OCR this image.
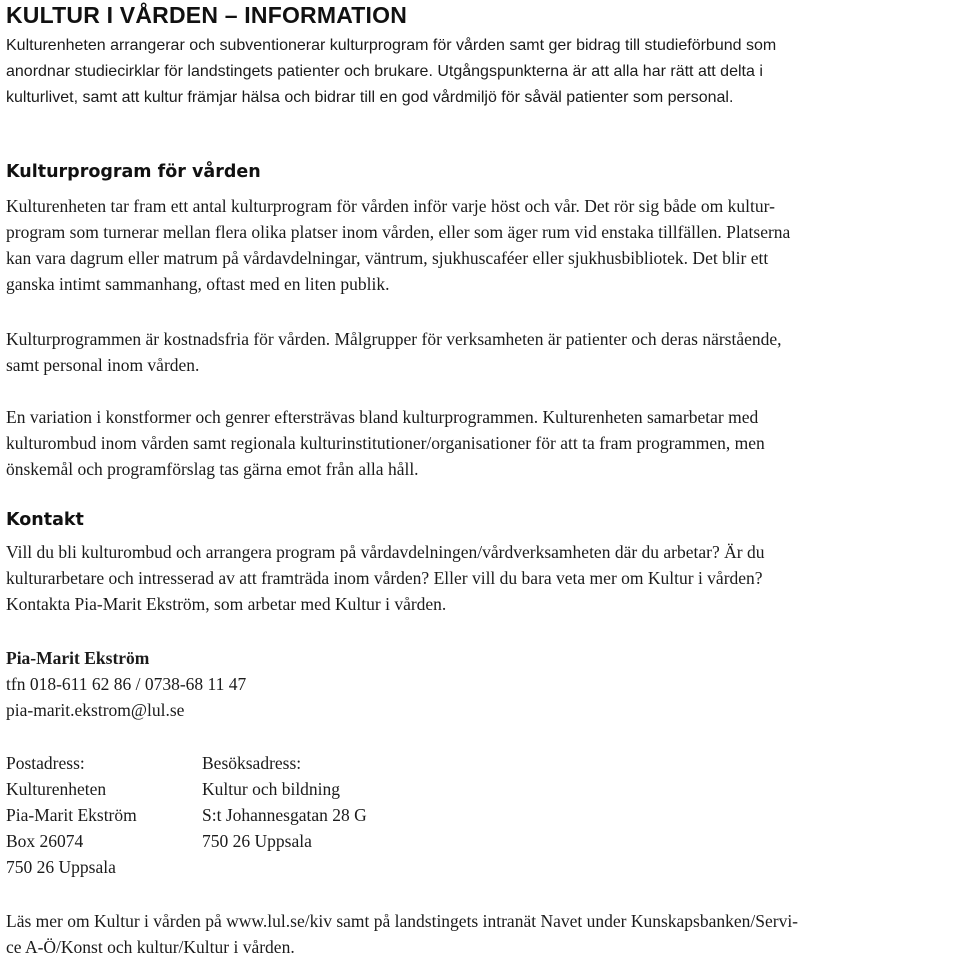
KULTUR I VÅRDEN – INFORMATION
Kulturenheten arrangerar och subventionerar kulturprogram för vården samt ger bidrag till studieförbund som
anordnar studiecirklar för landstingets patienter och brukare. Utgångspunkterna är att alla har rätt att delta i
kulturlivet, samt att kultur främjar hälsa och bidrar till en god vårdmiljö för såväl patienter som personal.
Kulturprogram för vården
Kulturenheten tar fram ett antal kulturprogram för vården inför varje höst och vår. Det rör sig både om kultur-
program som turnerar mellan flera olika platser inom vården, eller som äger rum vid enstaka tillfällen. Platserna
kan vara dagrum eller matrum på vårdavdelningar, väntrum, sjukhuscaféer eller sjukhusbibliotek. Det blir ett
ganska intimt sammanhang, oftast med en liten publik.
Kulturprogrammen är kostnadsfria för vården. Målgrupper för verksamheten är patienter och deras närstående,
samt personal inom vården.
En variation i konstformer och genrer eftersträvas bland kulturprogrammen. Kulturenheten samarbetar med
kulturombud inom vården samt regionala kulturinstitutioner/organisationer för att ta fram programmen, men
önskemål och programförslag tas gärna emot från alla håll.
Kontakt
Vill du bli kulturombud och arrangera program på vårdavdelningen/vårdverksamheten där du arbetar? Är du
kulturarbetare och intresserad av att framträda inom vården? Eller vill du bara veta mer om Kultur i vården?
Kontakta Pia-Marit Ekström, som arbetar med Kultur i vården.
Pia-Marit Ekström
tfn 018-611 62 86 / 0738-68 11 47
pia-marit.ekstrom@lul.se
Postadress:
Kulturenheten
Pia-Marit Ekström
Box 26074
750 26 Uppsala
Besöksadress:
Kultur och bildning
S:t Johannesgatan 28 G
750 26 Uppsala
Läs mer om Kultur i vården på www.lul.se/kiv samt på landstingets intranät Navet under Kunskapsbanken/Servi-
ce A-Ö/Konst och kultur/Kultur i vården.
